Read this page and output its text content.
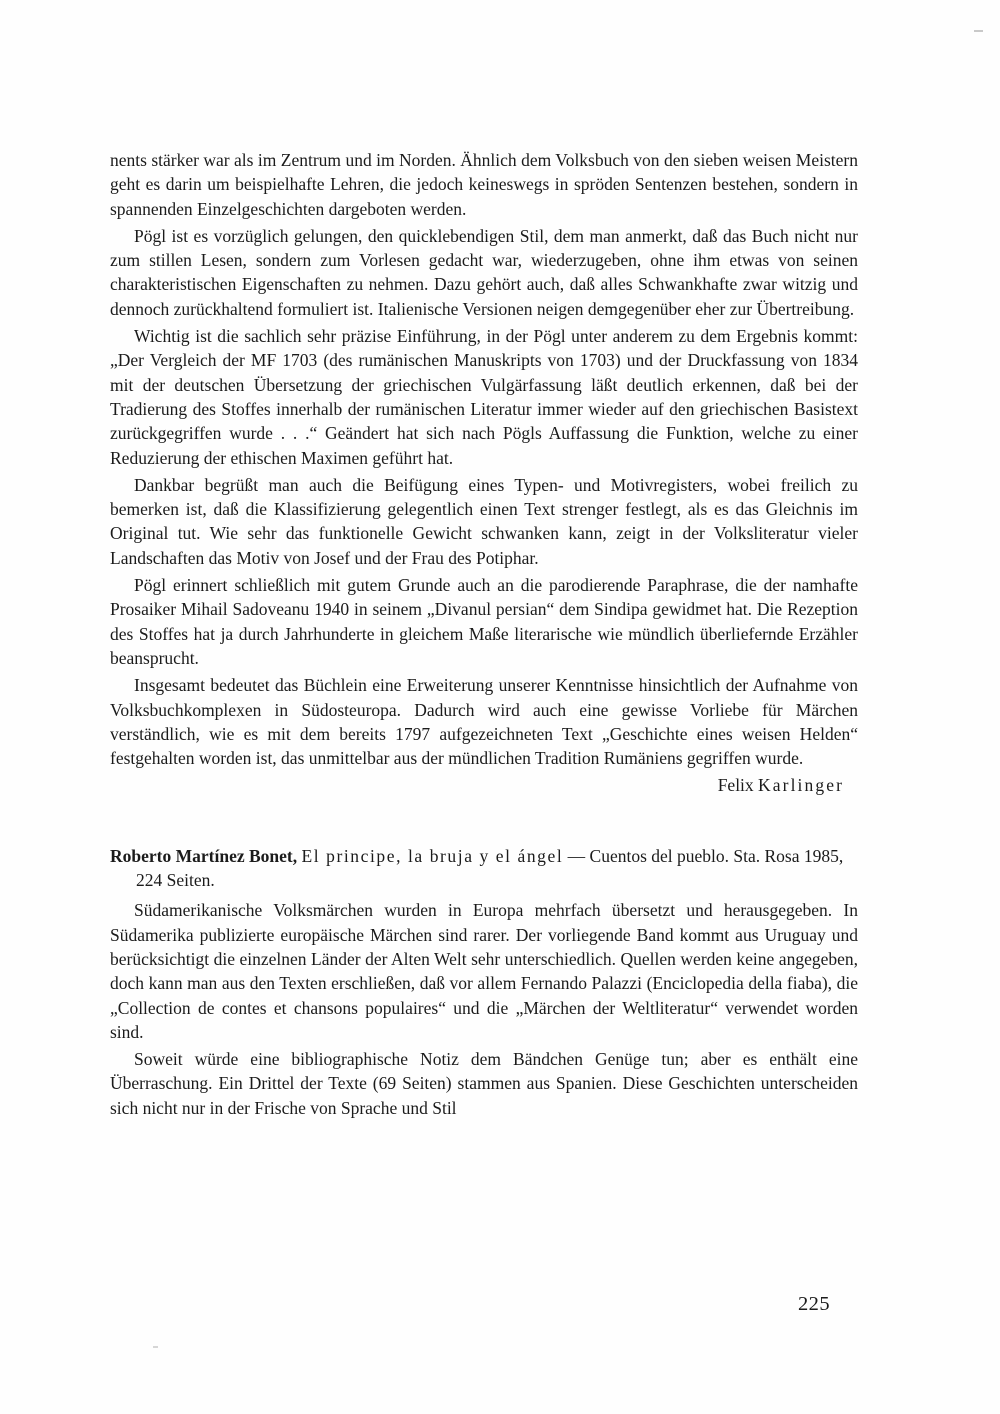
nents stärker war als im Zentrum und im Norden. Ähnlich dem Volksbuch von den sieben weisen Meistern geht es darin um beispielhafte Lehren, die jedoch keineswegs in spröden Sentenzen bestehen, sondern in spannenden Einzelgeschichten dargeboten werden.

Pögl ist es vorzüglich gelungen, den quicklebendigen Stil, dem man anmerkt, daß das Buch nicht nur zum stillen Lesen, sondern zum Vorlesen gedacht war, wiederzugeben, ohne ihm etwas von seinen charakteristischen Eigenschaften zu nehmen. Dazu gehört auch, daß alles Schwankhafte zwar witzig und dennoch zurückhaltend formuliert ist. Italienische Versionen neigen demgegenüber eher zur Übertreibung.

Wichtig ist die sachlich sehr präzise Einführung, in der Pögl unter anderem zu dem Ergebnis kommt: „Der Vergleich der MF 1703 (des rumänischen Manuskripts von 1703) und der Druckfassung von 1834 mit der deutschen Übersetzung der griechischen Vulgärfassung läßt deutlich erkennen, daß bei der Tradierung des Stoffes innerhalb der rumänischen Literatur immer wieder auf den griechischen Basistext zurückgegriffen wurde . . .“ Geändert hat sich nach Pögls Auffassung die Funktion, welche zu einer Reduzierung der ethischen Maximen geführt hat.

Dankbar begrüßt man auch die Beifügung eines Typen- und Motivregisters, wobei freilich zu bemerken ist, daß die Klassifizierung gelegentlich einen Text strenger festlegt, als es das Gleichnis im Original tut. Wie sehr das funktionelle Gewicht schwanken kann, zeigt in der Volksliteratur vieler Landschaften das Motiv von Josef und der Frau des Potiphar.

Pögl erinnert schließlich mit gutem Grunde auch an die parodierende Paraphrase, die der namhafte Prosaiker Mihail Sadoveanu 1940 in seinem „Divanul persian“ dem Sindipa gewidmet hat. Die Rezeption des Stoffes hat ja durch Jahrhunderte in gleichem Maße literarische wie mündlich überliefernde Erzähler beansprucht.

Insgesamt bedeutet das Büchlein eine Erweiterung unserer Kenntnisse hinsichtlich der Aufnahme von Volksbuchkomplexen in Südosteuropa. Dadurch wird auch eine gewisse Vorliebe für Märchen verständlich, wie es mit dem bereits 1797 aufgezeichneten Text „Geschichte eines weisen Helden“ festgehalten worden ist, das unmittelbar aus der mündlichen Tradition Rumäniens gegriffen wurde.

Felix Karlinger

Roberto Martínez Bonet, El principe, la bruja y el ángel — Cuentos del pueblo. Sta. Rosa 1985, 224 Seiten.

Südamerikanische Volksmärchen wurden in Europa mehrfach übersetzt und herausgegeben. In Südamerika publizierte europäische Märchen sind rarer. Der vorliegende Band kommt aus Uruguay und berücksichtigt die einzelnen Länder der Alten Welt sehr unterschiedlich. Quellen werden keine angegeben, doch kann man aus den Texten erschließen, daß vor allem Fernando Palazzi (Enciclopedia della fiaba), die „Collection de contes et chansons populaires“ und die „Märchen der Weltliteratur“ verwendet worden sind.

Soweit würde eine bibliographische Notiz dem Bändchen Genüge tun; aber es enthält eine Überraschung. Ein Drittel der Texte (69 Seiten) stammen aus Spanien. Diese Geschichten unterscheiden sich nicht nur in der Frische von Sprache und Stil

225
